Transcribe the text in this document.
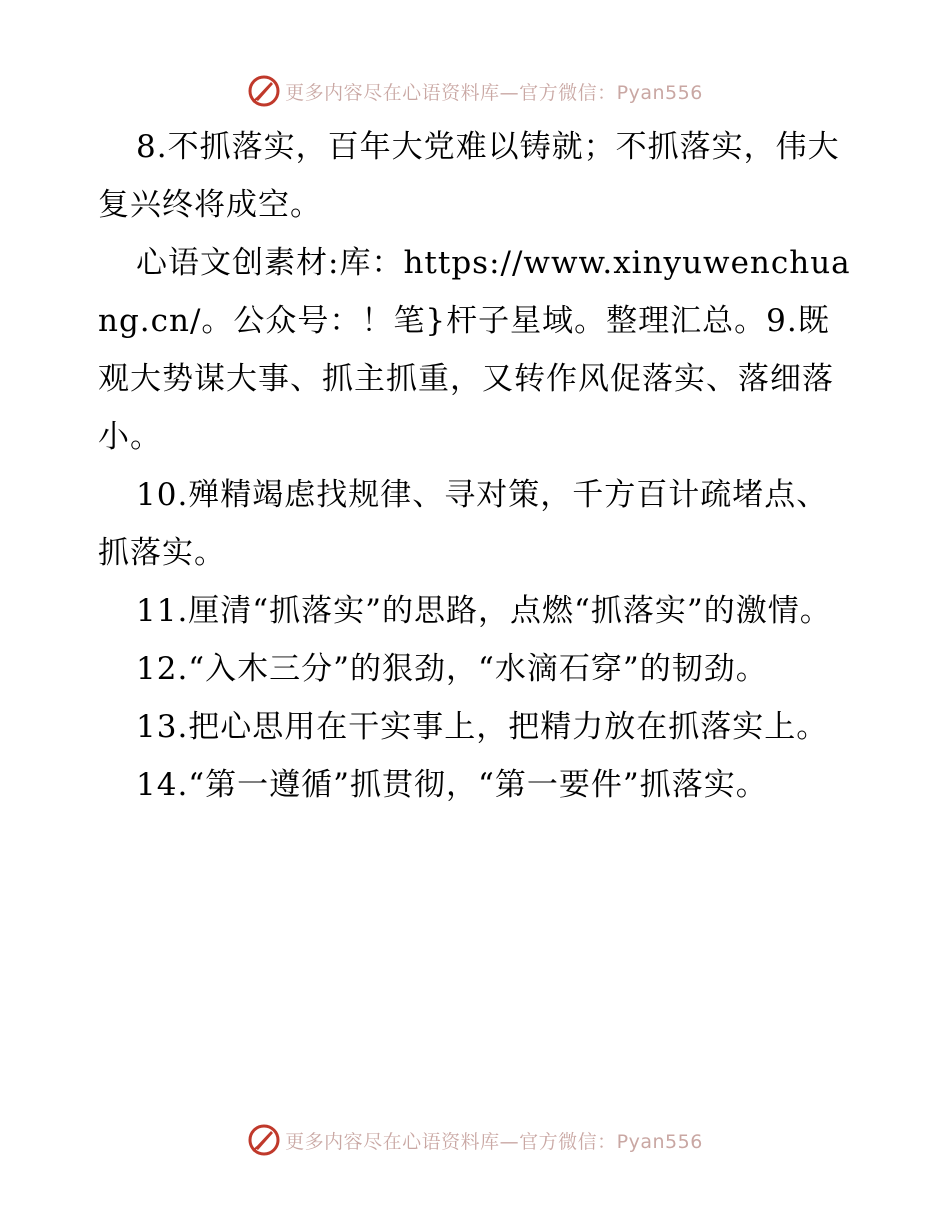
更多内容尽在心语资料库—官方微信：Pyan556

8.不抓落实，百年大党难以铸就；不抓落实，伟大复兴终将成空。

心语文创素材:库：https://www.xinyuwenchuang.cn/。公众号：！笔}杆子星域。整理汇总。9.既观大势谋大事、抓主抓重，又转作风促落实、落细落小。

10.殚精竭虑找规律、寻对策，千方百计疏堵点、抓落实。

11.厘清“抓落实”的思路，点燃“抓落实”的激情。

12.“入木三分”的狠劲，“水滴石穿”的韧劲。

13.把心思用在干实事上，把精力放在抓落实上。

14.“第一遵循”抓贯彻，“第一要件”抓落实。

更多内容尽在心语资料库—官方微信：Pyan556
